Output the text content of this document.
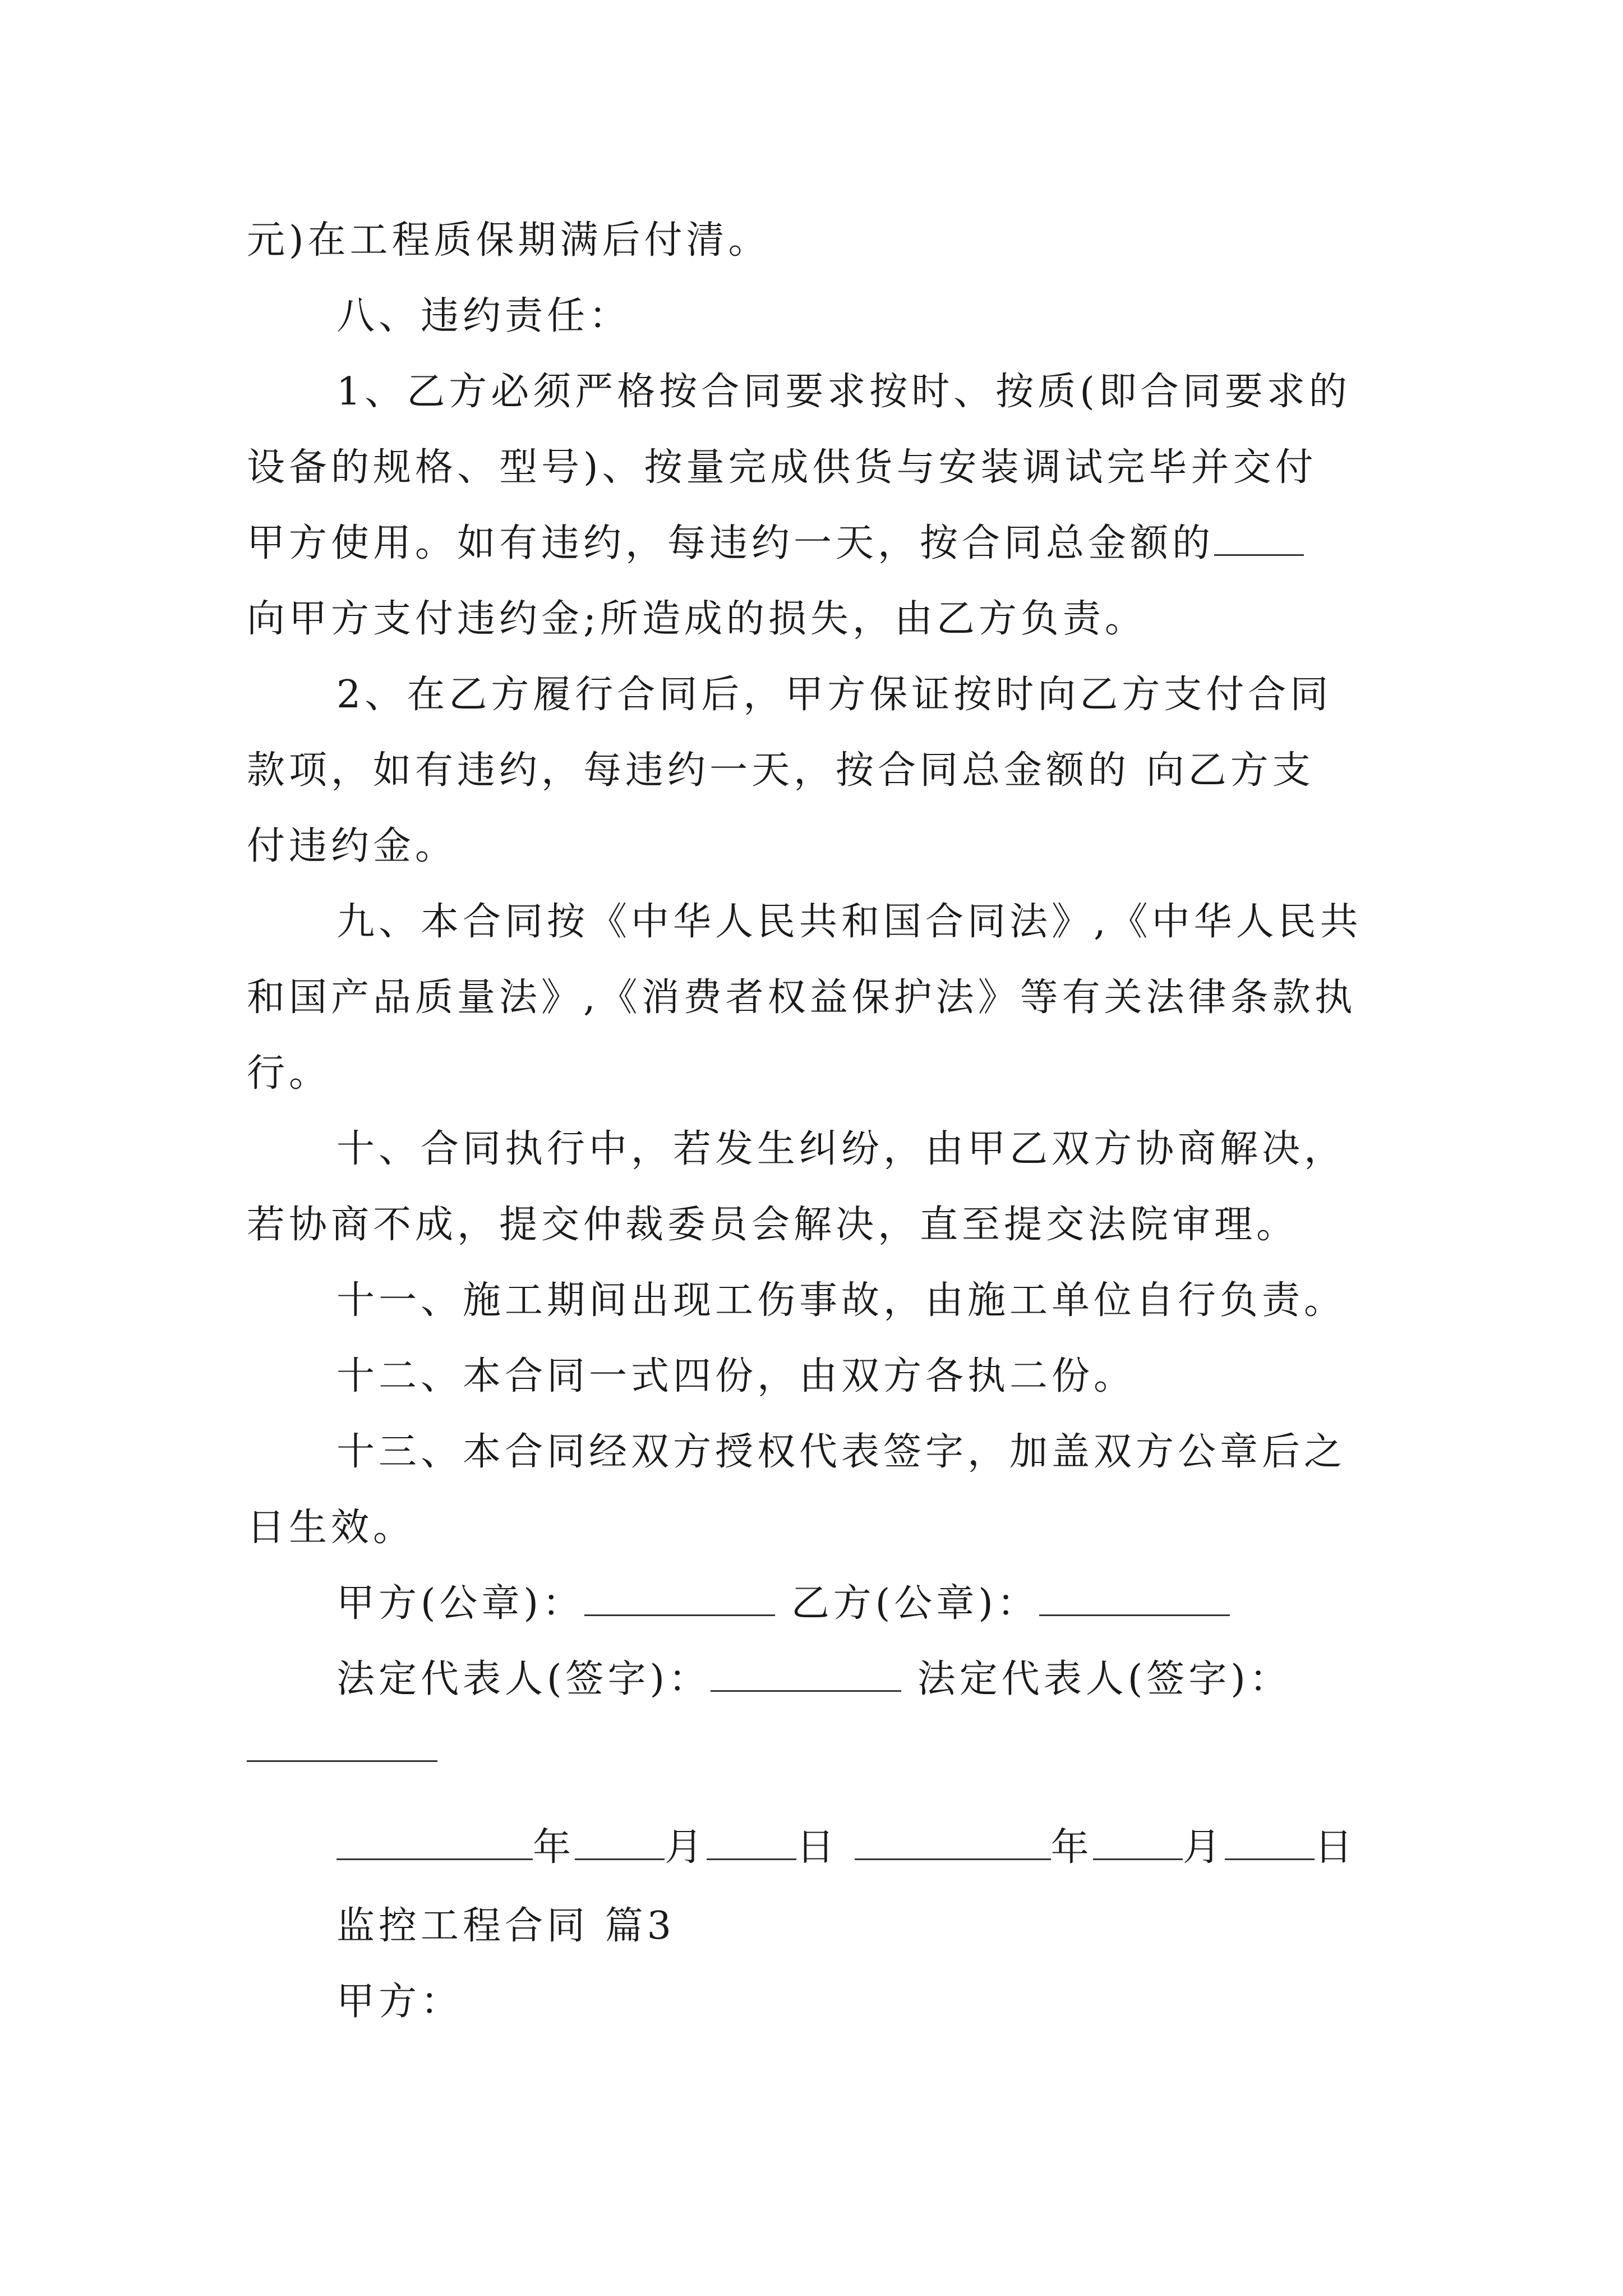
元)在工程质保期满后付清。
八、违约责任：
1、乙方必须严格按合同要求按时、按质(即合同要求的
设备的规格、型号)、按量完成供货与安装调试完毕并交付
甲方使用。如有违约，每违约一天，按合同总金额的
向甲方支付违约金;所造成的损失，由乙方负责。
2、在乙方履行合同后，甲方保证按时向乙方支付合同
款项，如有违约，每违约一天，按合同总金额的 向乙方支
付违约金。
九、本合同按《中华人民共和国合同法》,《中华人民共
和国产品质量法》,《消费者权益保护法》等有关法律条款执
行。
十、合同执行中，若发生纠纷，由甲乙双方协商解决，
若协商不成，提交仲裁委员会解决，直至提交法院审理。
十一、施工期间出现工伤事故，由施工单位自行负责。
十二、本合同一式四份，由双方各执二份。
十三、本合同经双方授权代表签字，加盖双方公章后之
日生效。
甲方(公章)：	乙方(公章)：
法定代表人(签字)：	法定代表人(签字)：
年 月 日	年 月 日
监控工程合同 篇3
甲方：
